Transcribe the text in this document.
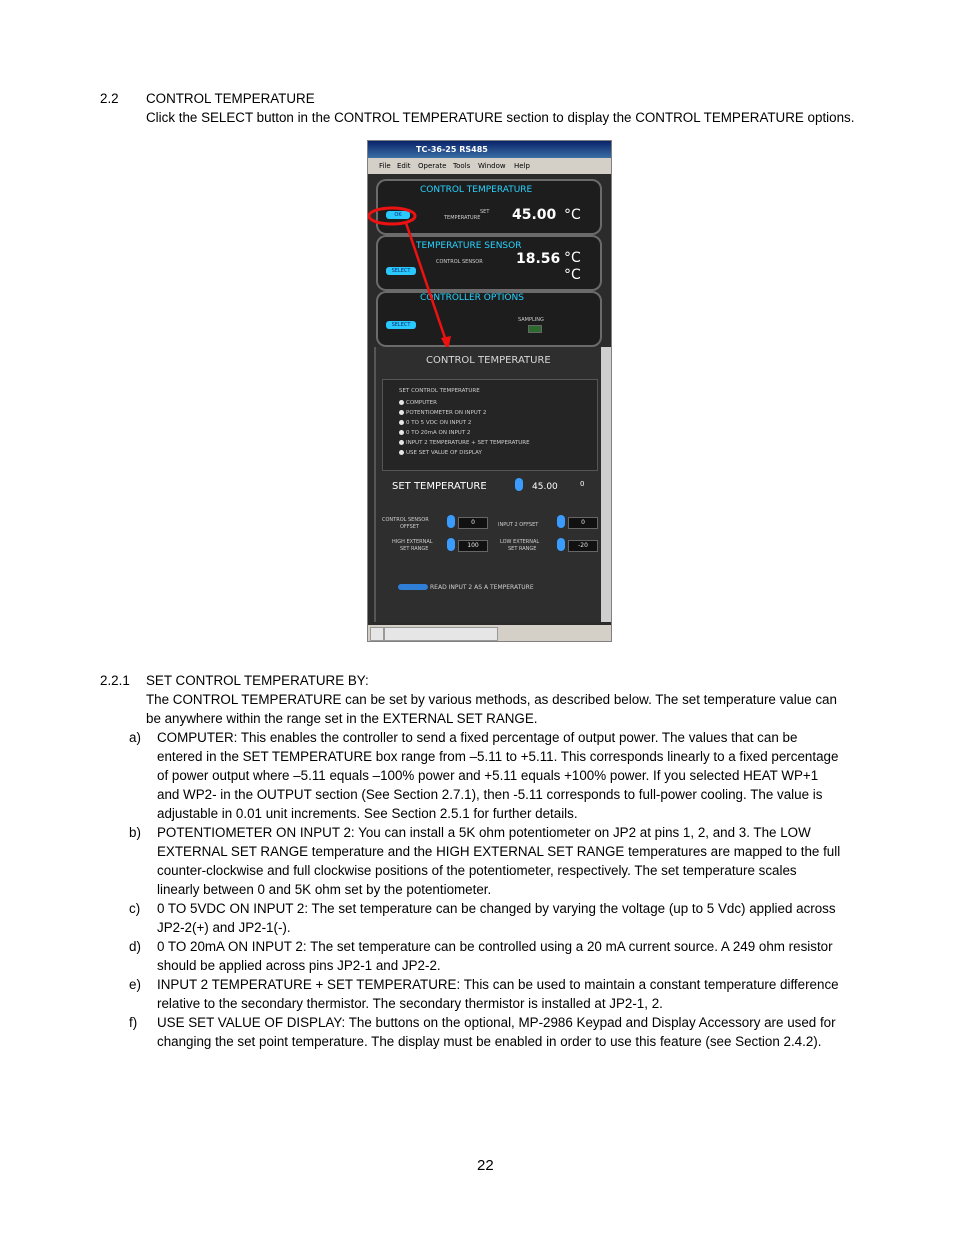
2.2 CONTROL TEMPERATURE
Click the SELECT button in the CONTROL TEMPERATURE section to display the CONTROL TEMPERATURE options.
TC-36-25 RS485
File Edit Operate Tools Window Help
CONTROL TEMPERATURE
OK	SET
TEMPERATURE 45.00 °C
TEMPERATURE SENSOR
SELECT
CONTROL SENSOR 18.56 °C
°C
CONTROLLER OPTIONS
SELECT
SAMPLING
CONTROL TEMPERATURE
SET CONTROL TEMPERATURE
COMPUTER
POTENTIOMETER ON INPUT 2
0 TO 5 VDC ON INPUT 2
0 TO 20mA ON INPUT 2
INPUT 2 TEMPERATURE + SET TEMPERATURE
USE SET VALUE OF DISPLAY
SET TEMPERATURE	45.00	0
CONTROL SENSOR
OFFSET
0	INPUT 2 OFFSET	0
HIGH EXTERNAL
SET RANGE	100	LOW EXTERNAL
SET RANGE	-20
READ INPUT 2 AS A TEMPERATURE
2.2.1 SET CONTROL TEMPERATURE BY:
The CONTROL TEMPERATURE can be set by various methods, as described below. The set temperature value can
be anywhere within the range set in the EXTERNAL SET RANGE.
a) COMPUTER: This enables the controller to send a fixed percentage of output power. The values that can be
entered in the SET TEMPERATURE box range from –5.11 to +5.11. This corresponds linearly to a fixed percentage
of power output where –5.11 equals –100% power and +5.11 equals +100% power. If you selected HEAT WP+1
and WP2- in the OUTPUT section (See Section 2.7.1), then -5.11 corresponds to full-power cooling. The value is
adjustable in 0.01 unit increments. See Section 2.5.1 for further details.
b) POTENTIOMETER ON INPUT 2: You can install a 5K ohm potentiometer on JP2 at pins 1, 2, and 3. The LOW
EXTERNAL SET RANGE temperature and the HIGH EXTERNAL SET RANGE temperatures are mapped to the full
counter-clockwise and full clockwise positions of the potentiometer, respectively. The set temperature scales
linearly between 0 and 5K ohm set by the potentiometer.
c) 0 TO 5VDC ON INPUT 2: The set temperature can be changed by varying the voltage (up to 5 Vdc) applied across
JP2-2(+) and JP2-1(-).
d) 0 TO 20mA ON INPUT 2: The set temperature can be controlled using a 20 mA current source. A 249 ohm resistor
should be applied across pins JP2-1 and JP2-2.
e) INPUT 2 TEMPERATURE + SET TEMPERATURE: This can be used to maintain a constant temperature difference
relative to the secondary thermistor. The secondary thermistor is installed at JP2-1, 2.
f) USE SET VALUE OF DISPLAY: The buttons on the optional, MP-2986 Keypad and Display Accessory are used for
changing the set point temperature. The display must be enabled in order to use this feature (see Section 2.4.2).
22
